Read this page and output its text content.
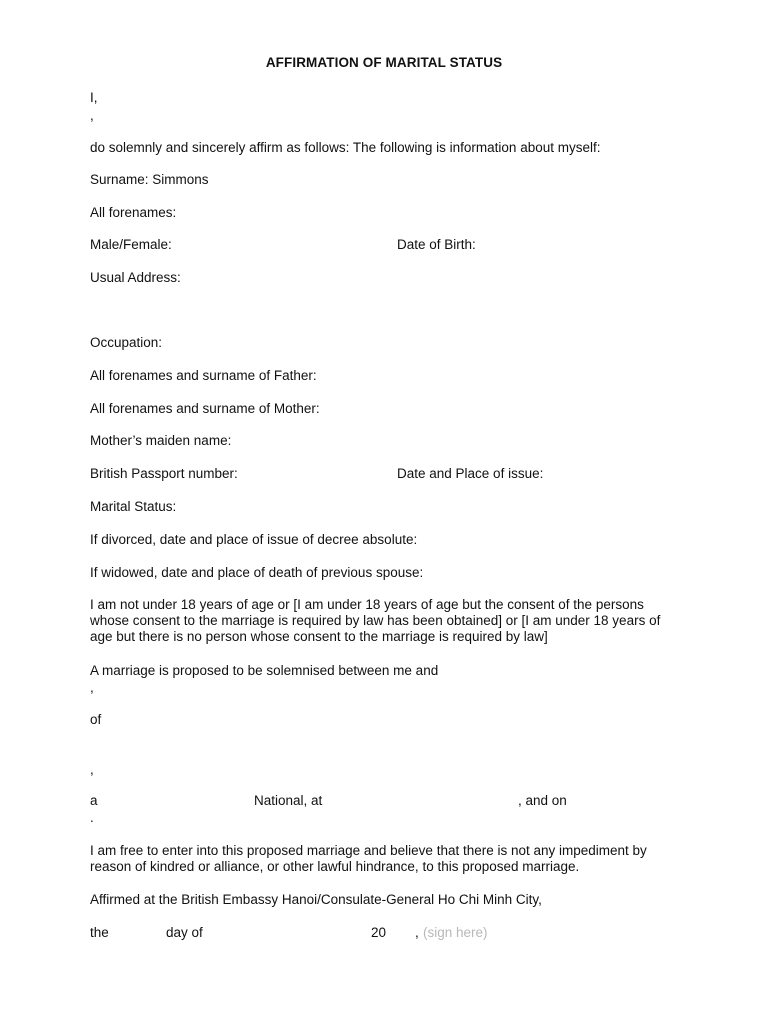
AFFIRMATION OF MARITAL STATUS
I,
,
do solemnly and sincerely affirm as follows: The following is information about myself:
Surname: Simmons
All forenames:
Male/Female:	Date of Birth:
Usual Address:
Occupation:
All forenames and surname of Father:
All forenames and surname of Mother:
Mother’s maiden name:
British Passport number:	Date and Place of issue:
Marital Status:
If divorced, date and place of issue of decree absolute:
If widowed, date and place of death of previous spouse:
I am not under 18 years of age or [I am under 18 years of age but the consent of the persons
whose consent to the marriage is required by law has been obtained] or [I am under 18 years of
age but there is no person whose consent to the marriage is required by law]
A marriage is proposed to be solemnised between me and
,
of
,
a	National, at	, and on
.
I am free to enter into this proposed marriage and believe that there is not any impediment by
reason of kindred or alliance, or other lawful hindrance, to this proposed marriage.
Affirmed at the British Embassy Hanoi/Consulate-General Ho Chi Minh City,
the	day of	20 , (sign here)
